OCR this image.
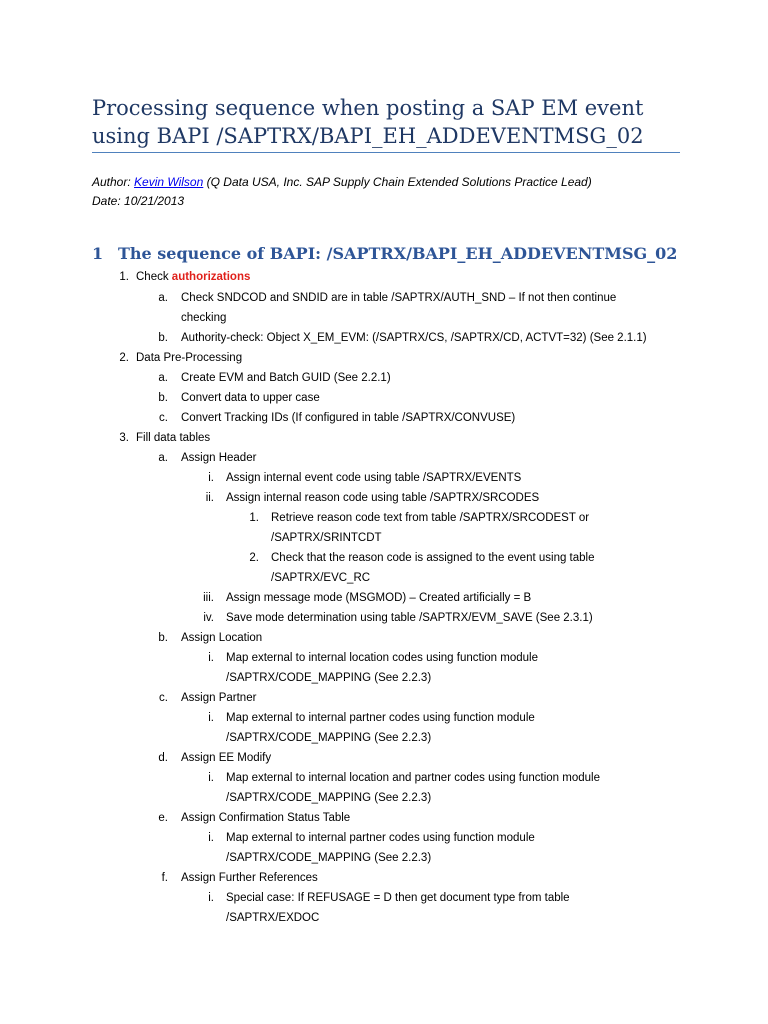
Processing sequence when posting a SAP EM event using BAPI /SAPTRX/BAPI_EH_ADDEVENTMSG_02
Author: Kevin Wilson (Q Data USA, Inc. SAP Supply Chain Extended Solutions Practice Lead)
Date: 10/21/2013
1 The sequence of BAPI: /SAPTRX/BAPI_EH_ADDEVENTMSG_02
1. Check authorizations
a. Check SNDCOD and SNDID are in table /SAPTRX/AUTH_SND – If not then continue
checking
b. Authority-check: Object X_EM_EVM: (/SAPTRX/CS, /SAPTRX/CD, ACTVT=32) (See 2.1.1)
2. Data Pre-Processing
a. Create EVM and Batch GUID (See 2.2.1)
b. Convert data to upper case
c. Convert Tracking IDs (If configured in table /SAPTRX/CONVUSE)
3. Fill data tables
a. Assign Header
i. Assign internal event code using table /SAPTRX/EVENTS
ii. Assign internal reason code using table /SAPTRX/SRCODES
1. Retrieve reason code text from table /SAPTRX/SRCODEST or
/SAPTRX/SRINTCDT
2. Check that the reason code is assigned to the event using table
/SAPTRX/EVC_RC
iii. Assign message mode (MSGMOD) – Created artificially = B
iv. Save mode determination using table /SAPTRX/EVM_SAVE (See 2.3.1)
b. Assign Location
i. Map external to internal location codes using function module
/SAPTRX/CODE_MAPPING (See 2.2.3)
c. Assign Partner
i. Map external to internal partner codes using function module
/SAPTRX/CODE_MAPPING (See 2.2.3)
d. Assign EE Modify
i. Map external to internal location and partner codes using function module
/SAPTRX/CODE_MAPPING (See 2.2.3)
e. Assign Confirmation Status Table
i. Map external to internal partner codes using function module
/SAPTRX/CODE_MAPPING (See 2.2.3)
f. Assign Further References
i. Special case: If REFUSAGE = D then get document type from table
/SAPTRX/EXDOC
